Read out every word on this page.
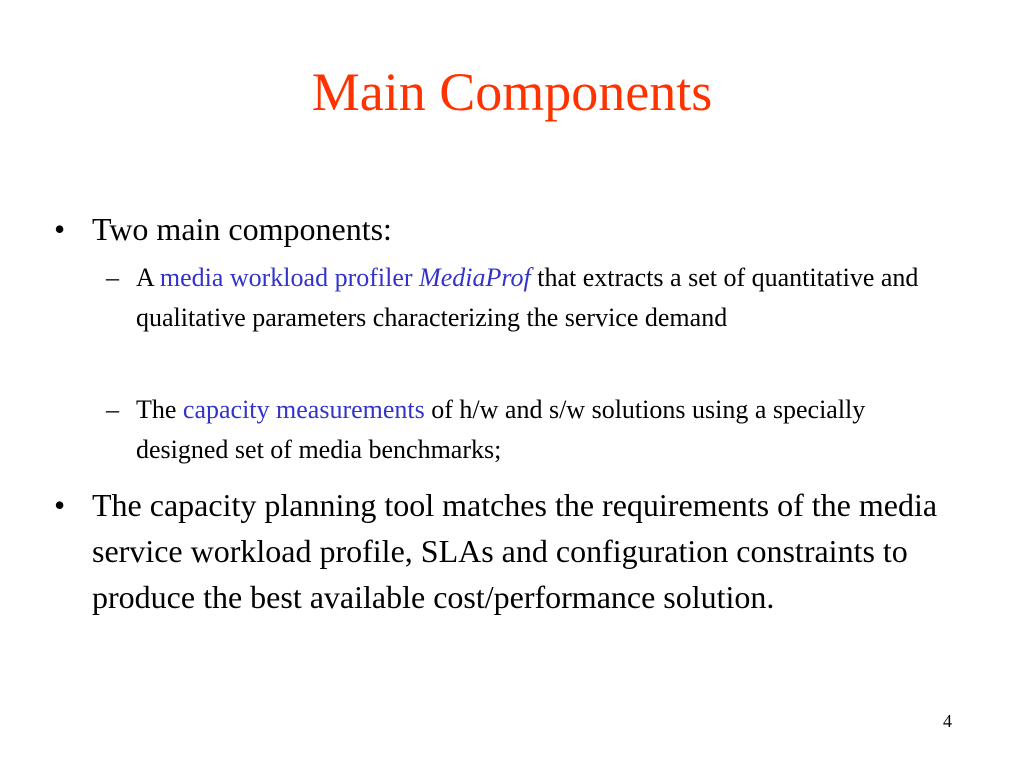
Main Components
• Two main components:
– A media workload profiler MediaProf that extracts a set of quantitative and qualitative parameters characterizing the service demand
– The capacity measurements of h/w and s/w solutions using a specially designed set of media benchmarks;
• The capacity planning tool matches the requirements of the media service workload profile, SLAs and configuration constraints to produce the best available cost/performance solution.
4
